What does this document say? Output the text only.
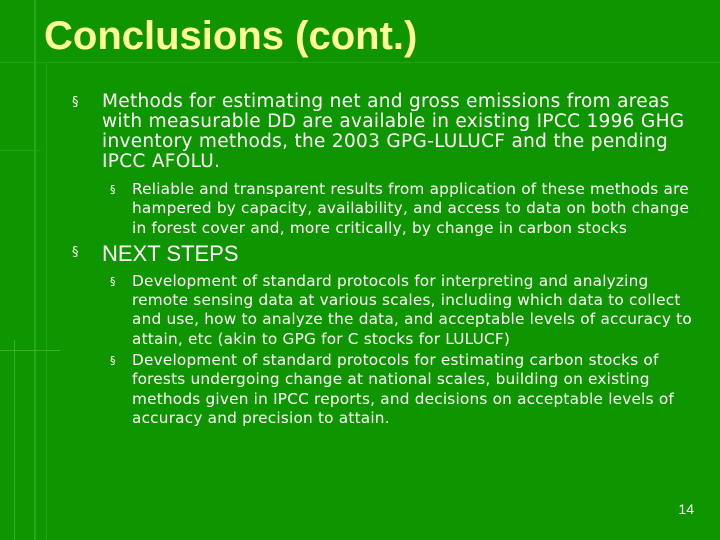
Conclusions (cont.)
§ Methods for estimating net and gross emissions from areas with measurable DD are available in existing IPCC 1996 GHG inventory methods, the 2003 GPG-LULUCF and the pending IPCC AFOLU.
§ Reliable and transparent results from application of these methods are hampered by capacity, availability, and access to data on both change in forest cover and, more critically, by change in carbon stocks
§ NEXT STEPS
§ Development of standard protocols for interpreting and analyzing remote sensing data at various scales, including which data to collect and use, how to analyze the data, and acceptable levels of accuracy to attain, etc (akin to GPG for C stocks for LULUCF)
§ Development of standard protocols for estimating carbon stocks of forests undergoing change at national scales, building on existing methods given in IPCC reports, and decisions on acceptable levels of accuracy and precision to attain.
14
